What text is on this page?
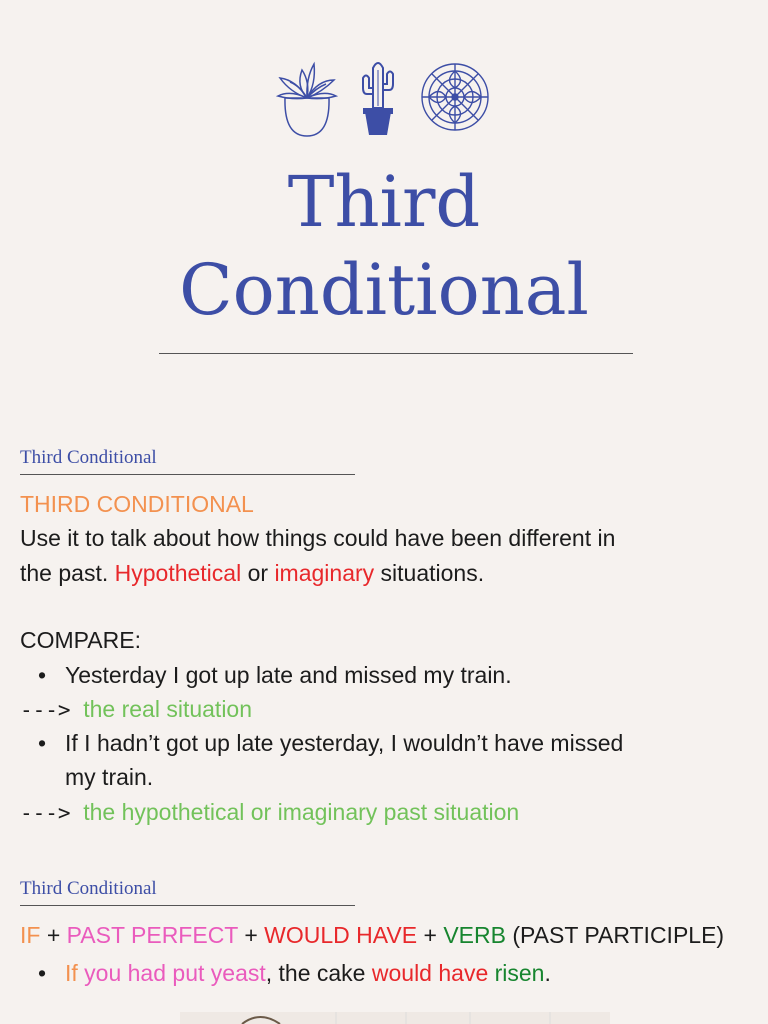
Third
Conditional
Third Conditional
THIRD CONDITIONAL
Use it to talk about how things could have been different in
the past. Hypothetical or imaginary situations.
COMPARE:
• Yesterday I got up late and missed my train.
---> the real situation
• If I hadn’t got up late yesterday, I wouldn’t have missed
my train.
---> the hypothetical or imaginary past situation
Third Conditional
IF + PAST PERFECT + WOULD HAVE + VERB (PAST PARTICIPLE)
• If you had put yeast, the cake would have risen.
